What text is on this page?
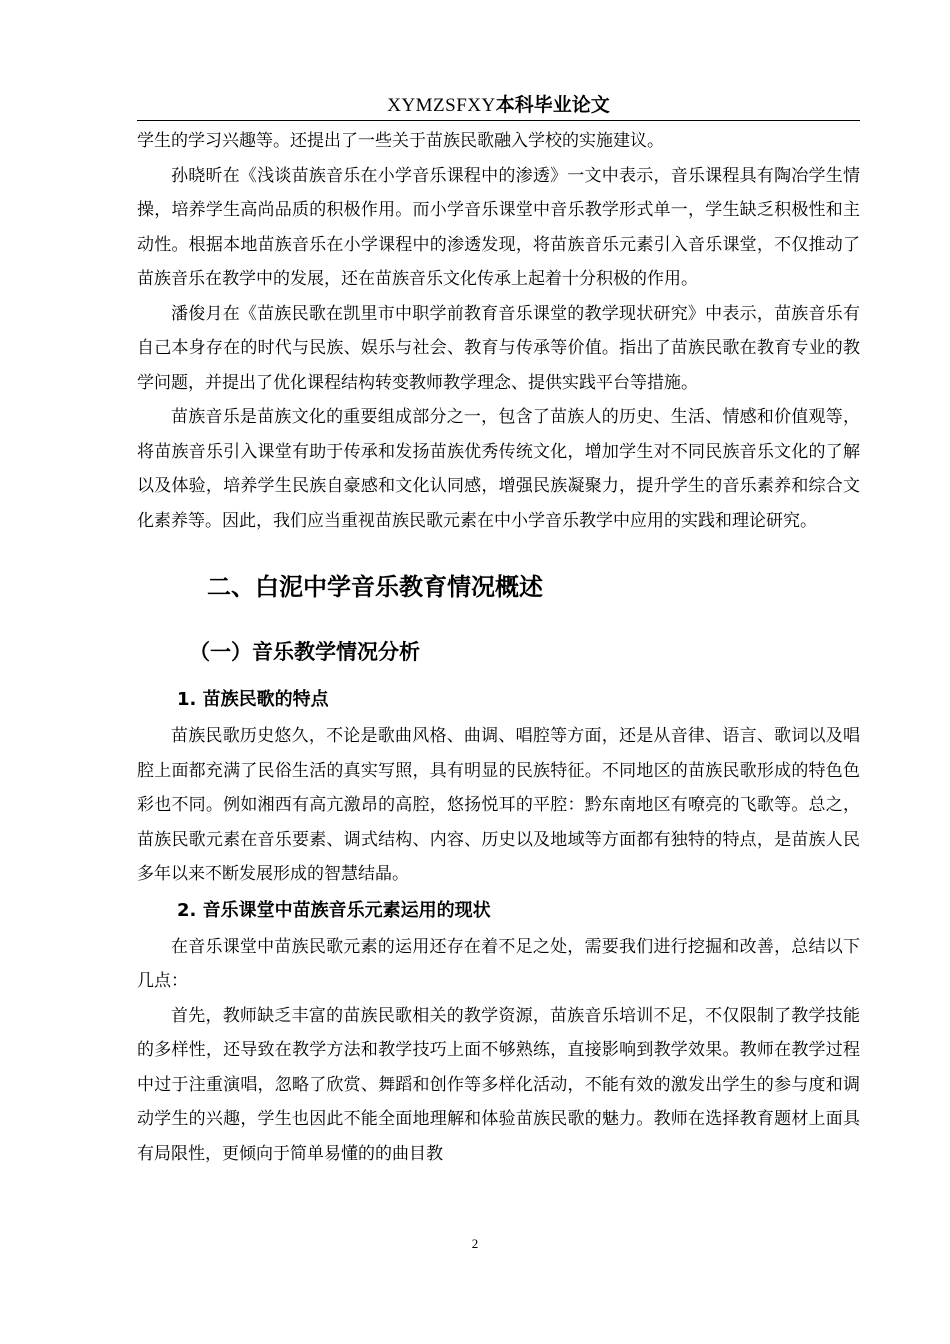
XYMZSFXY本科毕业论文

学生的学习兴趣等。还提出了一些关于苗族民歌融入学校的实施建议。

孙晓昕在《浅谈苗族音乐在小学音乐课程中的渗透》一文中表示，音乐课程具有陶冶学生情操，培养学生高尚品质的积极作用。而小学音乐课堂中音乐教学形式单一，学生缺乏积极性和主动性。根据本地苗族音乐在小学课程中的渗透发现，将苗族音乐元素引入音乐课堂，不仅推动了苗族音乐在教学中的发展，还在苗族音乐文化传承上起着十分积极的作用。

潘俊月在《苗族民歌在凯里市中职学前教育音乐课堂的教学现状研究》中表示，苗族音乐有自己本身存在的时代与民族、娱乐与社会、教育与传承等价值。指出了苗族民歌在教育专业的教学问题，并提出了优化课程结构转变教师教学理念、提供实践平台等措施。

苗族音乐是苗族文化的重要组成部分之一，包含了苗族人的历史、生活、情感和价值观等，将苗族音乐引入课堂有助于传承和发扬苗族优秀传统文化，增加学生对不同民族音乐文化的了解以及体验，培养学生民族自豪感和文化认同感，增强民族凝聚力，提升学生的音乐素养和综合文化素养等。因此，我们应当重视苗族民歌元素在中小学音乐教学中应用的实践和理论研究。

二、白泥中学音乐教育情况概述
（一）音乐教学情况分析
1. 苗族民歌的特点

苗族民歌历史悠久，不论是歌曲风格、曲调、唱腔等方面，还是从音律、语言、歌词以及唱腔上面都充满了民俗生活的真实写照，具有明显的民族特征。不同地区的苗族民歌形成的特色色彩也不同。例如湘西有高亢激昂的高腔，悠扬悦耳的平腔：黔东南地区有嘹亮的飞歌等。总之，苗族民歌元素在音乐要素、调式结构、内容、历史以及地域等方面都有独特的特点，是苗族人民多年以来不断发展形成的智慧结晶。

2. 音乐课堂中苗族音乐元素运用的现状

在音乐课堂中苗族民歌元素的运用还存在着不足之处，需要我们进行挖掘和改善，总结以下几点：

首先，教师缺乏丰富的苗族民歌相关的教学资源，苗族音乐培训不足，不仅限制了教学技能的多样性，还导致在教学方法和教学技巧上面不够熟练，直接影响到教学效果。教师在教学过程中过于注重演唱，忽略了欣赏、舞蹈和创作等多样化活动，不能有效的激发出学生的参与度和调动学生的兴趣，学生也因此不能全面地理解和体验苗族民歌的魅力。教师在选择教育题材上面具有局限性，更倾向于简单易懂的的曲目教

2
